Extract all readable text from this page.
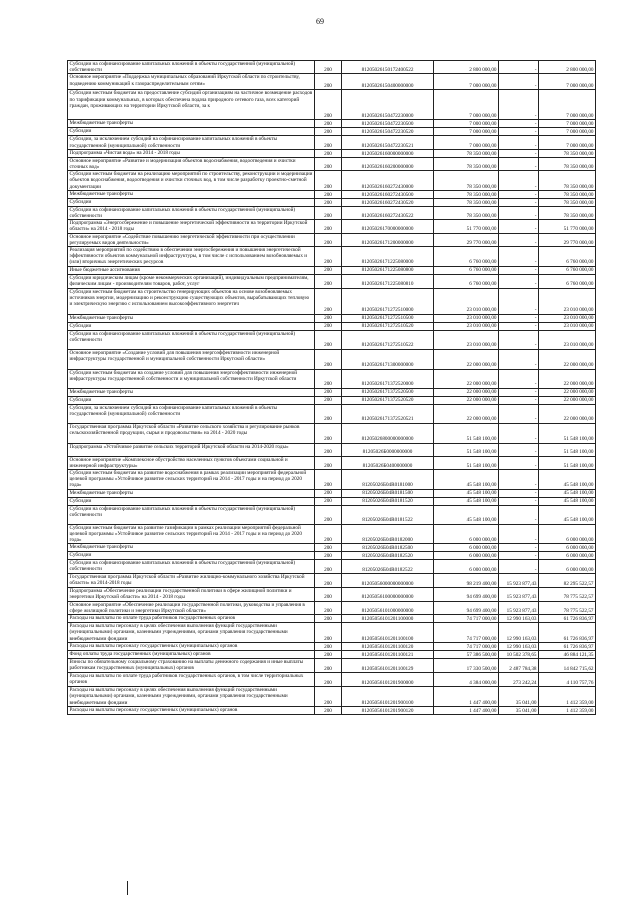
69
Субсидии на софинансирование капитальных вложений в объекты государственной (муниципальной) собственности	200	81205026150172400522	2 800 000,00	-	2 800 000,00
Основное мероприятие «Поддержка муниципальных образований Иркутской области по строительству, подведению коммуникаций к газораспределительным сетям»	200	81205026150400000000	7 000 000,00	-	7 000 000,00
Субсидии местным бюджетам на предоставление субсидий организациям на частичное возмещение расходов по тарификации коммунальных, в которых обеспечена подача природного сетевого газа, всех категорий граждан, проживающих на территории Иркутской области, за к	200	81205026150472230000	7 000 000,00	-	7 000 000,00
Межбюджетные трансферты	200	81205026150472230500	7 000 000,00	-	7 000 000,00
Субсидии	200	81205026150472230520	7 000 000,00	-	7 000 000,00
Субсидии, за исключением субсидий на софинансирование капитальных вложений в объекты государственной (муниципальной) собственности	200	81205026150472230521	7 000 000,00	-	7 000 000,00
Подпрограмма «Чистая вода» на 2014 - 2018 годы	200	81205026160000000000	78 350 000,00	-	78 350 000,00
Основное мероприятие «Развитие и модернизация объектов водоснабжения, водоотведения и очистки сточных вод»	200	81205026160200000000	78 350 000,00	-	78 350 000,00
Субсидии местным бюджетам на реализацию мероприятий по строительству, реконструкции и модернизации объектов водоснабжения, водоотведения и очистки сточных вод, в том числе разработку проектно-сметной документации	200	81205026160272430000	78 350 000,00	-	78 350 000,00
Межбюджетные трансферты	200	81205026160272430500	78 350 000,00	-	78 350 000,00
Субсидии	200	81205026160272430520	78 350 000,00	-	78 350 000,00
Субсидии на софинансирование капитальных вложений в объекты государственной (муниципальной) собственности	200	81205026160272430522	78 350 000,00	-	78 350 000,00
Подпрограмма «Энергосбережение и повышение энергетической эффективности на территории Иркутской области» на 2014 - 2018 годы	200	81205026170000000000	51 770 000,00	-	51 770 000,00
Основное мероприятие «Содействие повышению энергетической эффективности при осуществлении регулируемых видов деятельности»	200	81205026171200000000	29 770 000,00	-	29 770 000,00
Реализация мероприятий по содействию в обеспечении энергосбережения и повышения энергетической эффективности объектов коммунальной инфраструктуры, в том числе с использованием возобновляемых и (или) вторичных энергетических ресурсов	200	81205026171225080000	6 760 000,00	-	6 760 000,00
Иные бюджетные ассигнования	200	81205026171225080800	6 760 000,00	-	6 760 000,00
Субсидии юридическим лицам (кроме некоммерческих организаций), индивидуальным предпринимателям, физическим лицам - производителям товаров, работ, услуг	200	81205026171225080810	6 760 000,00	-	6 760 000,00
Субсидии местным бюджетам на строительство генерирующих объектов на основе возобновляемых источников энергии, модернизацию и реконструкцию существующих объектов, вырабатывающих тепловую и электрическую энергию с использованием высокоэффективного энергетич	200	81205026171272510000	23 010 000,00	-	23 010 000,00
Межбюджетные трансферты	200	81205026171272510500	23 010 000,00	-	23 010 000,00
Субсидии	200	81205026171272510520	23 010 000,00	-	23 010 000,00
Субсидии на софинансирование капитальных вложений в объекты государственной (муниципальной) собственности	200	81205026171272510522	23 010 000,00	-	23 010 000,00
Основное мероприятие «Создание условий для повышения энергоэффективности инженерной инфраструктуры государственной и муниципальной собственности Иркутской области»	200	81205026171300000000	22 000 000,00	-	22 000 000,00
Субсидии местным бюджетам на создание условий для повышения энергоэффективности инженерной инфраструктуры государственной собственности и муниципальной собственности Иркутской области	200	81205026171372520000	22 000 000,00	-	22 000 000,00
Межбюджетные трансферты	200	81205026171372520500	22 000 000,00	-	22 000 000,00
Субсидии	200	81205026171372520520	22 000 000,00	-	22 000 000,00
Субсидии, за исключением субсидий на софинансирование капитальных вложений в объекты государственной (муниципальной) собственности	200	81205026171372520521	22 000 000,00	-	22 000 000,00
Государственная программа Иркутской области «Развитие сельского хозяйства и регулирование рынков сельскохозяйственной продукции, сырья и продовольствия» на 2014 - 2020 годы	200	81205026800000000000	51 548 100,00	-	51 548 100,00
Подпрограмма «Устойчивое развитие сельских территорий Иркутской области на 2014-2020 годы»	200	81205026Б0000000000	51 548 100,00	-	51 548 100,00
Основное мероприятие «Комплексное обустройство населенных пунктов объектами социальной и инженерной инфраструктуры»	200	81205026Б0400000000	51 548 100,00	-	51 548 100,00
Субсидии местным бюджетам на развитие водоснабжения в рамках реализации мероприятий федеральной целевой программы «Устойчивое развитие сельских территорий на 2014 - 2017 годы и на период до 2020 года»	200	81205026Б04R0181000	45 548 100,00	-	45 548 100,00
Межбюджетные трансферты	200	81205026Б04R0181500	45 548 100,00	-	45 548 100,00
Субсидии	200	81205026Б04R0181520	45 548 100,00	-	45 548 100,00
Субсидии на софинансирование капитальных вложений в объекты государственной (муниципальной) собственности	200	81205026Б04R0181522	45 548 100,00	-	45 548 100,00
Субсидии местным бюджетам на развитие газификации в рамках реализации мероприятий федеральной целевой программы «Устойчивое развитие сельских территорий на 2014 - 2017 годы и на период до 2020 года»	200	81205026Б04R0182000	6 000 000,00	-	6 000 000,00
Межбюджетные трансферты	200	81205026Б04R0182500	6 000 000,00	-	6 000 000,00
Субсидии	200	81205026Б04R0182520	6 000 000,00	-	6 000 000,00
Субсидии на софинансирование капитальных вложений в объекты государственной (муниципальной) собственности	200	81205026Б04R0182522	6 000 000,00	-	6 000 000,00
Государственная программа Иркутской области «Развитие жилищно-коммунального хозяйства Иркутской области» на 2014-2018 годы	200	81205056000000000000	98 219 400,00	15 923 877,43	82 295 522,57
Подпрограмма «Обеспечение реализации государственной политики в сфере жилищной политики и энергетики Иркутской области» на 2014 - 2018 годы	200	81205056100000000000	94 699 400,00	15 923 877,43	78 775 522,57
Основное мероприятие «Обеспечение реализации государственной политики, руководства и управления в сфере жилищной политики и энергетики Иркутской области»	200	81205056101000000000	94 699 400,00	15 923 877,43	78 775 522,57
Расходы на выплаты по оплате труда работников государственных органов	200	81205056101201100000	74 717 000,00	12 990 163,03	61 726 836,97
Расходы на выплаты персоналу в целях обеспечения выполнения функций государственными (муниципальными) органами, казенными учреждениями, органами управления государственными внебюджетными фондами	200	81205056101201100100	74 717 000,00	12 990 163,03	61 726 836,97
Расходы на выплаты персоналу государственных (муниципальных) органов	200	81205056101201100120	74 717 000,00	12 990 163,03	61 726 836,97
Фонд оплаты труда государственных (муниципальных) органов	200	81205056101201100121	57 386 500,00	10 502 378,65	46 884 121,35
Взносы по обязательному социальному страхованию на выплаты денежного содержания и иные выплаты работникам государственных (муниципальных) органов	200	81205056101201100129	17 330 500,00	2 487 784,38	14 842 715,62
Расходы на выплаты по оплате труда работников государственных органов, в том числе территориальных органов	200	81205056101201900000	4 384 000,00	273 242,24	4 110 757,76
Расходы на выплаты персоналу в целях обеспечения выполнения функций государственными (муниципальными) органами, казенными учреждениями, органами управления государственными внебюджетными фондами	200	81205056101201900100	1 447 400,00	35 041,00	1 412 359,00
Расходы на выплаты персоналу государственных (муниципальных) органов	200	81205056101201900120	1 447 400,00	35 041,00	1 412 359,00
